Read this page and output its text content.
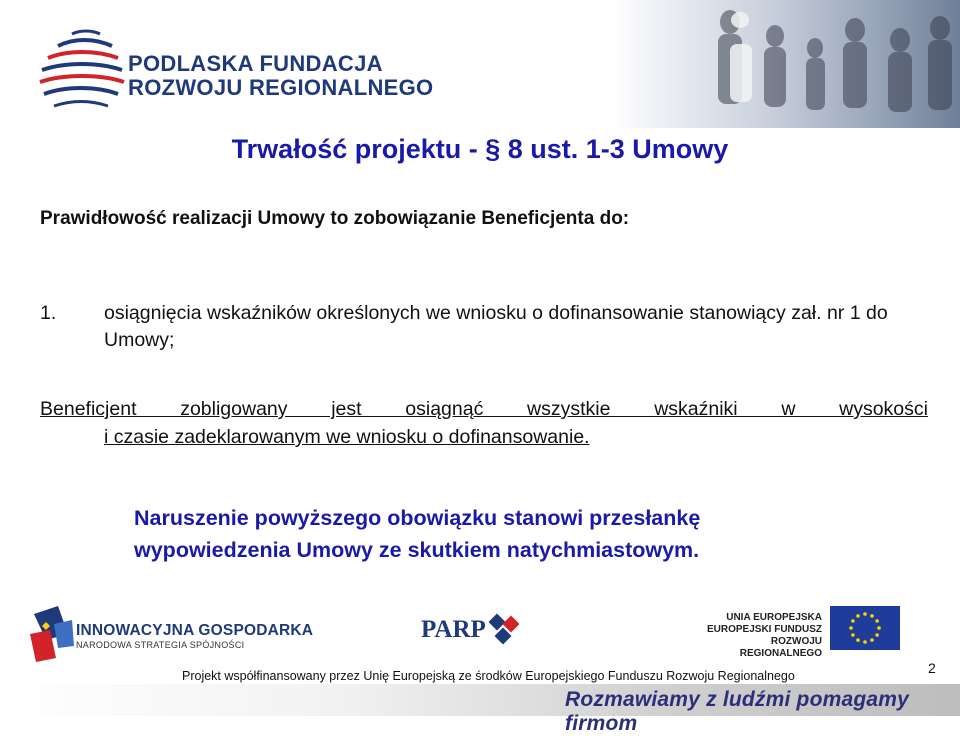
PODLASKA FUNDACJA
ROZWOJU REGIONALNEGO
Trwałość projektu - § 8 ust. 1-3 Umowy
Prawidłowość realizacji Umowy to zobowiązanie Beneficjenta do:
1. osiągnięcia wskaźników określonych we wniosku o dofinansowanie stanowiący zał. nr 1 do Umowy;
Beneficjent zobligowany jest osiągnąć wszystkie wskaźniki w wysokości
i czasie zadeklarowanym we wniosku o dofinansowanie.
Naruszenie powyższego obowiązku stanowi przesłankę
wypowiedzenia Umowy ze skutkiem natychmiastowym.
INNOWACYJNA GOSPODARKA
NARODOWA STRATEGIA SPÓJNOŚCI
PARP	UNIA EUROPEJSKA
EUROPEJSKI FUNDUSZ
ROZWOJU REGIONALNEGO
Projekt współfinansowany przez Unię Europejską ze środków Europejskiego Funduszu Rozwoju Regionalnego	2
Rozmawiamy z ludźmi pomagamy firmom
